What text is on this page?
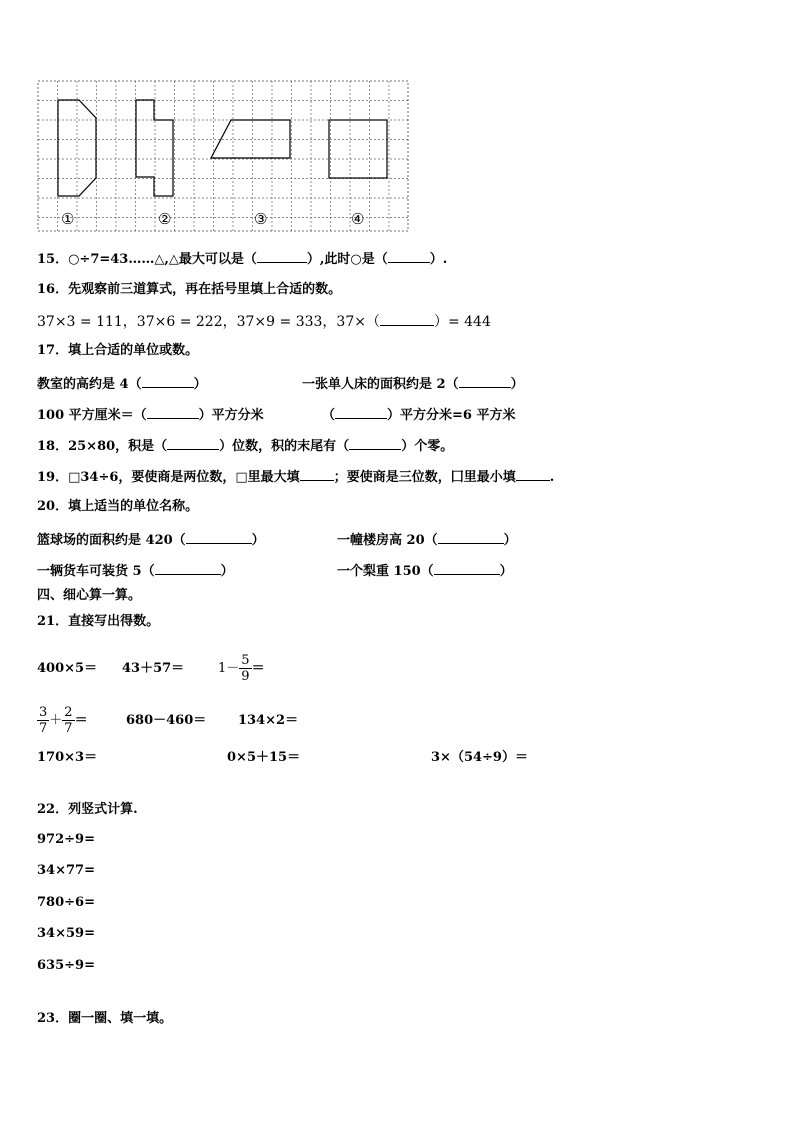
①	②	③	④
15．○÷7=43……△,△最大可以是（	）,此时○是（	）.
16．先观察前三道算式，再在括号里填上合适的数。
37×3 = 111，37×6 = 222，37×9 = 333，37×（	）= 444
17．填上合适的单位或数。
教室的高约是 4（	）	一张单人床的面积约是 2（	）
100 平方厘米＝（	）平方分米	（	）平方分米=6 平方米
18．25×80，积是（	）位数，积的末尾有（	）个零。
19．□34÷6，要使商是两位数，□里最大填	；要使商是三位数，囗里最小填	.
20．填上适当的单位名称。
篮球场的面积约是 420（	）	一幢楼房高 20（	）
一辆货车可装货 5（	）	一个梨重 150（	）
四、细心算一算。
21．直接写出得数。
400×5＝ 43＋57＝	$1- \frac{5}{9}$ ＝
$\frac{3}{7} + \frac{2}{7}$ ＝	680－460＝ 134×2＝
170×3＝	0×5＋15＝	3×（54÷9）＝
22．列竖式计算.
972÷9=
34×77=
780÷6=
34×59=
635÷9=
23．圈一圈、填一填。
